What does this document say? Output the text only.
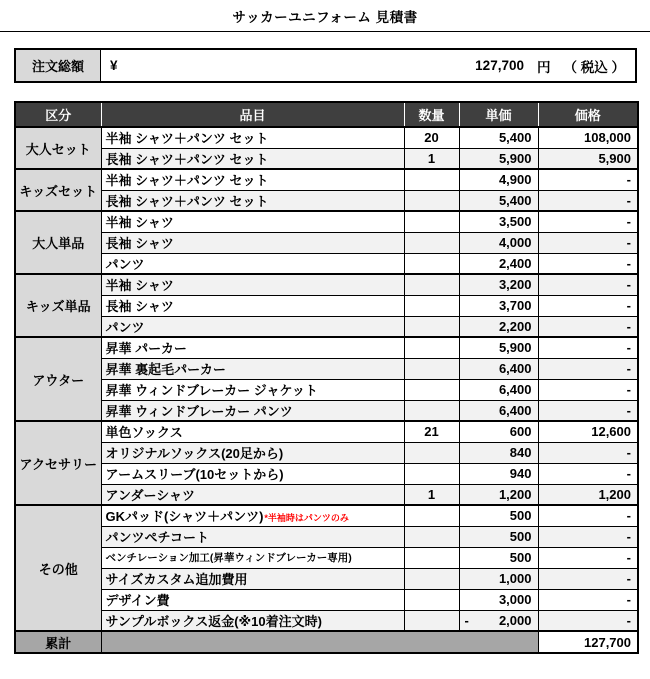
サッカーユニフォーム 見積書
注文総額	¥	127,700 円 （ 税込 ）
区分	品目	数量	単価	価格
大人セット	半袖 シャツ＋パンツ セット	20	5,400	108,000
	長袖 シャツ＋パンツ セット	1	5,900	5,900
キッズセット	半袖 シャツ＋パンツ セット		4,900	-
	長袖 シャツ＋パンツ セット		5,400	-
大人単品	半袖 シャツ		3,500	-
	長袖 シャツ		4,000	-
	パンツ		2,400	-
キッズ単品	半袖 シャツ		3,200	-
	長袖 シャツ		3,700	-
	パンツ		2,200	-
アウター	昇華 パーカー		5,900	-
	昇華 裏起毛パーカー		6,400	-
	昇華 ウィンドブレーカー ジャケット		6,400	-
	昇華 ウィンドブレーカー パンツ		6,400	-
アクセサリー	単色ソックス	21	600	12,600
	オリジナルソックス(20足から)		840	-
	アームスリーブ(10セットから)		940	-
	アンダーシャツ	1	1,200	1,200
その他	GKパッド(シャツ＋パンツ)*半袖時はパンツのみ		500	-
	パンツペチコート		500	-
	ベンチレーション加工(昇華ウィンドブレーカー専用)		500	-
	サイズカスタム追加費用		1,000	-
	デザイン費		3,000	-
	サンプルボックス返金(※10着注文時)		- 2,000	-
累計				127,700
